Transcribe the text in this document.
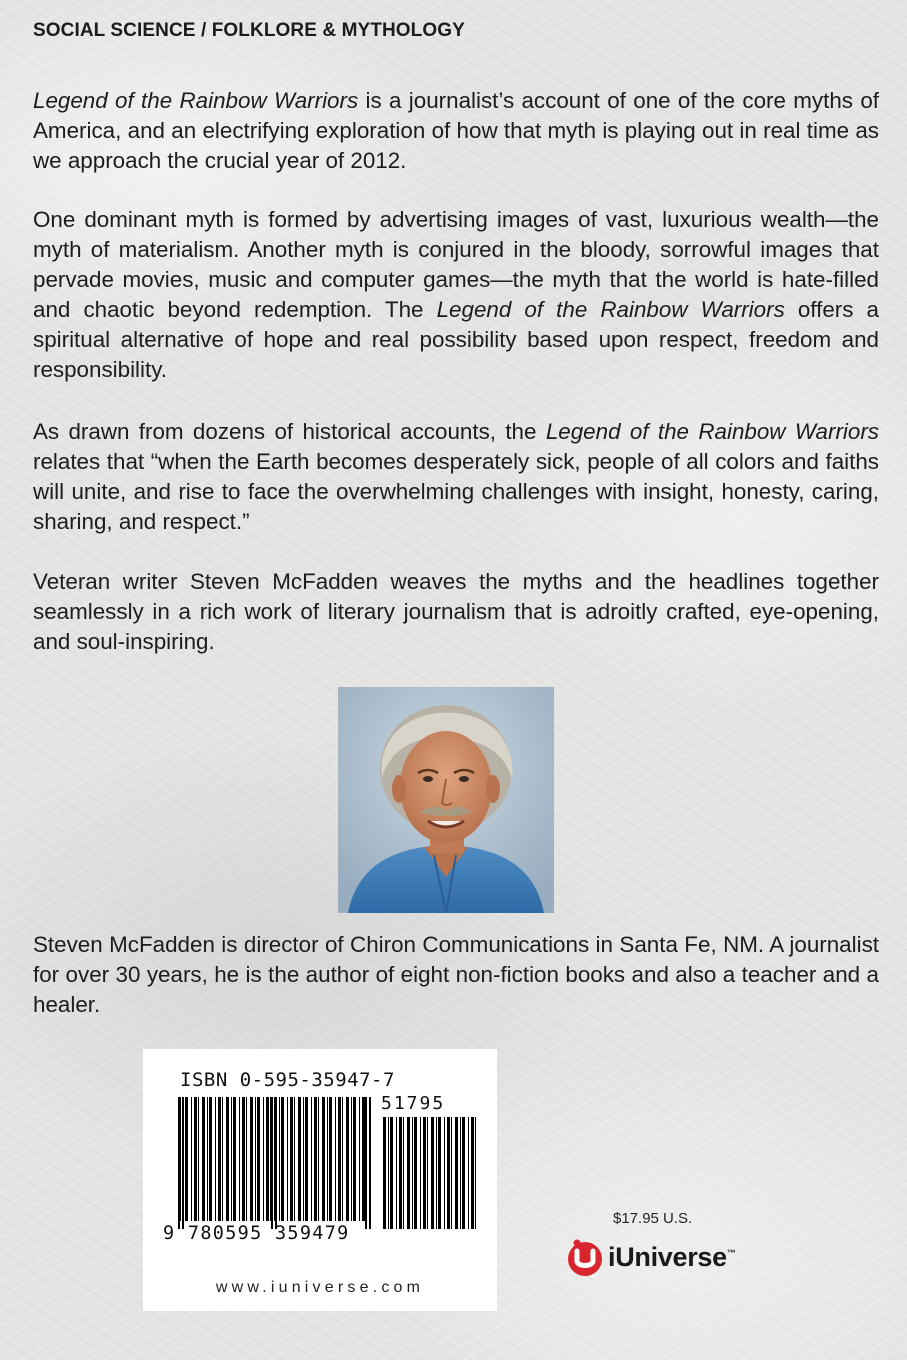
SOCIAL SCIENCE / FOLKLORE & MYTHOLOGY

Legend of the Rainbow Warriors is a journalist’s account of one of the core myths of America, and an electrifying exploration of how that myth is playing out in real time as we approach the crucial year of 2012.

One dominant myth is formed by advertising images of vast, luxurious wealth—the myth of materialism. Another myth is conjured in the bloody, sorrowful images that pervade movies, music and computer games—the myth that the world is hate-filled and chaotic beyond redemption. The Legend of the Rainbow Warriors offers a spiritual alternative of hope and real possibility based upon respect, freedom and responsibility.

As drawn from dozens of historical accounts, the Legend of the Rainbow Warriors relates that “when the Earth becomes desperately sick, people of all colors and faiths will unite, and rise to face the overwhelming challenges with insight, honesty, caring, sharing, and respect.”

Veteran writer Steven McFadden weaves the myths and the headlines together seamlessly in a rich work of literary journalism that is adroitly crafted, eye-opening, and soul-inspiring.

Steven McFadden is director of Chiron Communications in Santa Fe, NM. A journalist for over 30 years, he is the author of eight non-fiction books and also a teacher and a healer.

ISBN 0-595-35947-7
51795
9 780595 359479
www.iuniverse.com
$17.95 U.S.
iUniverse™
